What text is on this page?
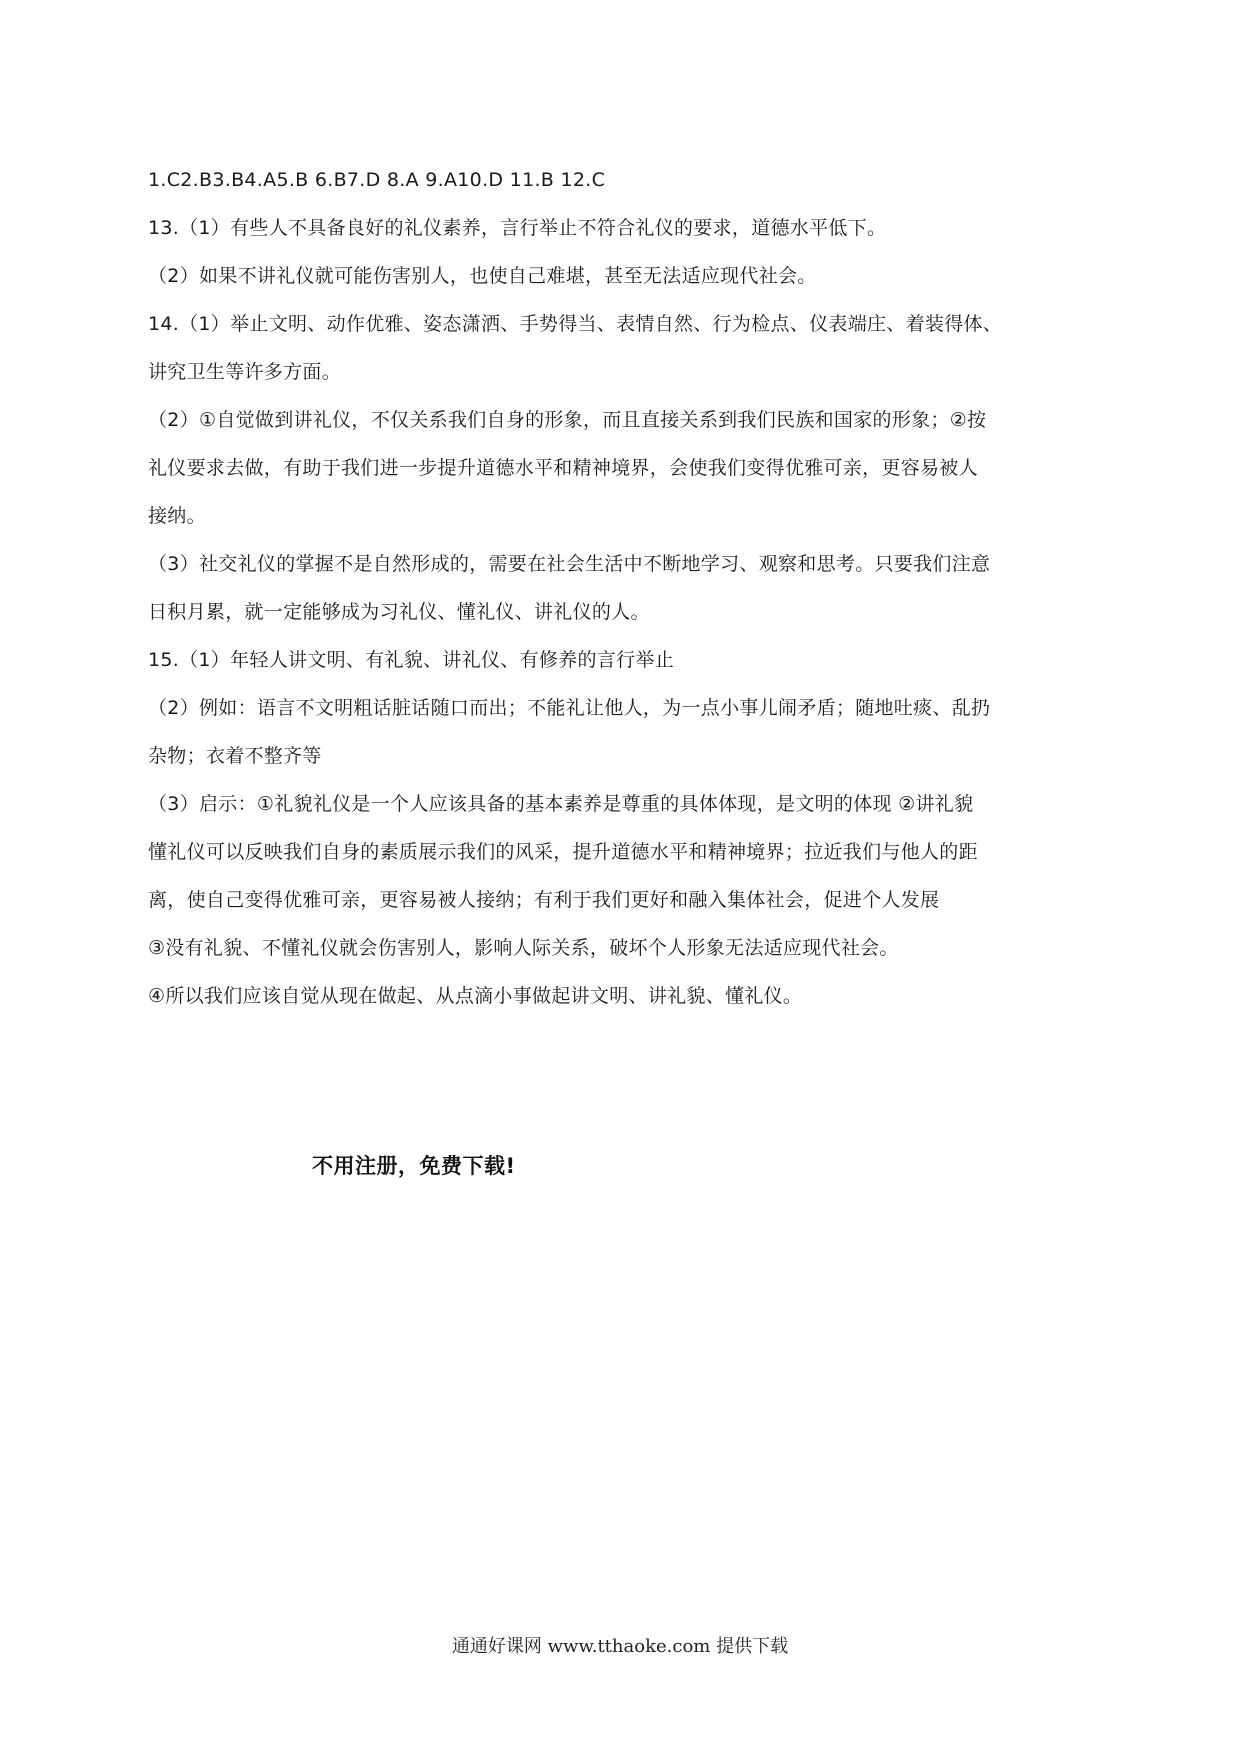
1.C2.B3.B4.A5.B 6.B7.D 8.A 9.A10.D 11.B 12.C
13.（1）有些人不具备良好的礼仪素养，言行举止不符合礼仪的要求，道德水平低下。
（2）如果不讲礼仪就可能伤害别人，也使自己难堪，甚至无法适应现代社会。
14.（1）举止文明、动作优雅、姿态潇洒、手势得当、表情自然、行为检点、仪表端庄、着装得体、
讲究卫生等许多方面。
（2）①自觉做到讲礼仪，不仅关系我们自身的形象，而且直接关系到我们民族和国家的形象；②按
礼仪要求去做，有助于我们进一步提升道德水平和精神境界，会使我们变得优雅可亲，更容易被人
接纳。
（3）社交礼仪的掌握不是自然形成的，需要在社会生活中不断地学习、观察和思考。只要我们注意
日积月累，就一定能够成为习礼仪、懂礼仪、讲礼仪的人。
15.（1）年轻人讲文明、有礼貌、讲礼仪、有修养的言行举止
（2）例如：语言不文明粗话脏话随口而出；不能礼让他人，为一点小事儿闹矛盾；随地吐痰、乱扔
杂物；衣着不整齐等
（3）启示：①礼貌礼仪是一个人应该具备的基本素养是尊重的具体体现，是文明的体现 ②讲礼貌
懂礼仪可以反映我们自身的素质展示我们的风采，提升道德水平和精神境界；拉近我们与他人的距
离，使自己变得优雅可亲，更容易被人接纳；有利于我们更好和融入集体社会，促进个人发展
③没有礼貌、不懂礼仪就会伤害别人，影响人际关系，破坏个人形象无法适应现代社会。
④所以我们应该自觉从现在做起、从点滴小事做起讲文明、讲礼貌、懂礼仪。
不用注册，免费下载!
通通好课网 www.tthaoke.com 提供下载
